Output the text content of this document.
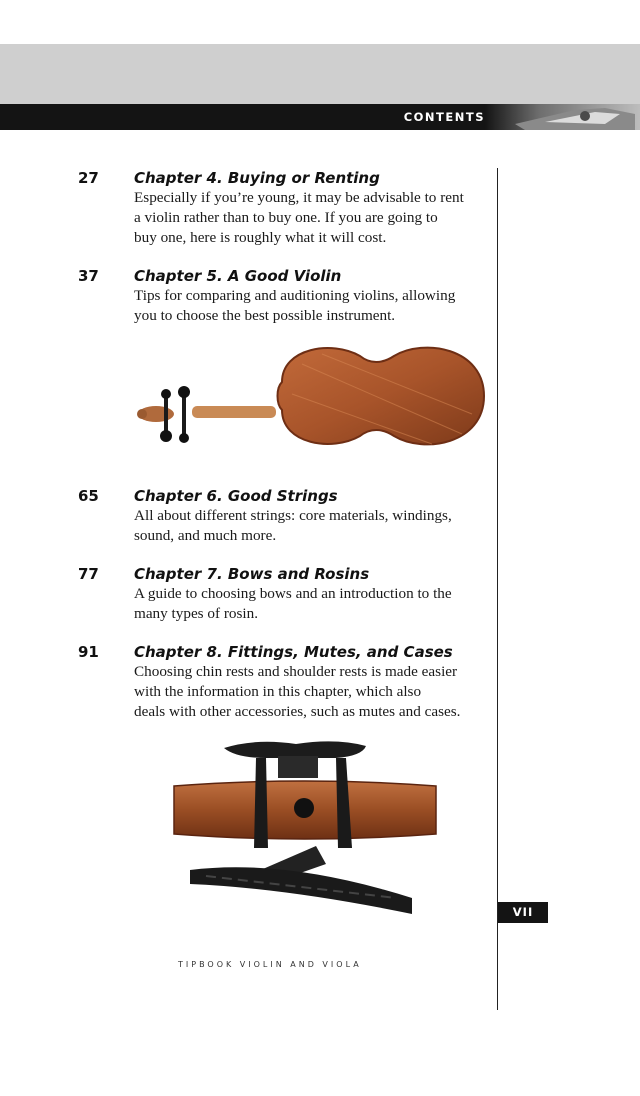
CONTENTS
27 Chapter 4. Buying or Renting
Especially if you’re young, it may be advisable to rent
a violin rather than to buy one. If you are going to
buy one, here is roughly what it will cost.
37 Chapter 5. A Good Violin
Tips for comparing and auditioning violins, allowing
you to choose the best possible instrument.
65 Chapter 6. Good Strings
All about different strings: core materials, windings,
sound, and much more.
77 Chapter 7. Bows and Rosins
A guide to choosing bows and an introduction to the
many types of rosin.
91 Chapter 8. Fittings, Mutes, and Cases
Choosing chin rests and shoulder rests is made easier
with the information in this chapter, which also
deals with other accessories, such as mutes and cases.
VII
TIPBOOK VIOLIN AND VIOLA
